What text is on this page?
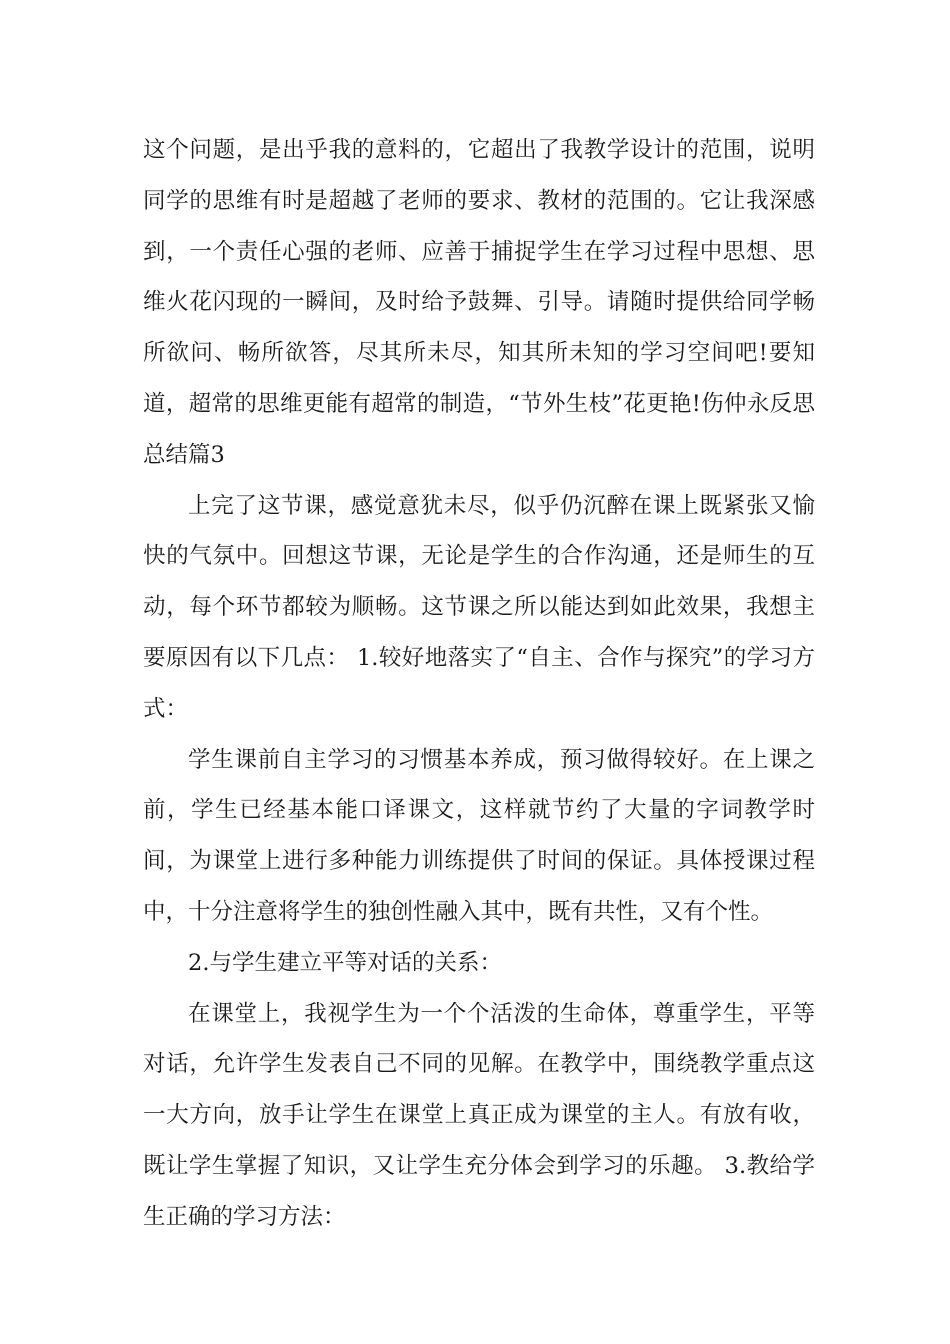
这个问题，是出乎我的意料的，它超出了我教学设计的范围，说明同学的思维有时是超越了老师的要求、教材的范围的。它让我深感到，一个责任心强的老师、应善于捕捉学生在学习过程中思想、思维火花闪现的一瞬间，及时给予鼓舞、引导。请随时提供给同学畅所欲问、畅所欲答，尽其所未尽，知其所未知的学习空间吧!要知道，超常的思维更能有超常的制造，“节外生枝”花更艳!伤仲永反思总结篇3

上完了这节课，感觉意犹未尽，似乎仍沉醉在课上既紧张又愉快的气氛中。回想这节课，无论是学生的合作沟通，还是师生的互动，每个环节都较为顺畅。这节课之所以能达到如此效果，我想主要原因有以下几点： 1.较好地落实了“自主、合作与探究”的学习方式：

学生课前自主学习的习惯基本养成，预习做得较好。在上课之前，学生已经基本能口译课文，这样就节约了大量的字词教学时间，为课堂上进行多种能力训练提供了时间的保证。具体授课过程中，十分注意将学生的独创性融入其中，既有共性，又有个性。

2.与学生建立平等对话的关系：

在课堂上，我视学生为一个个活泼的生命体，尊重学生，平等对话，允许学生发表自己不同的见解。在教学中，围绕教学重点这一大方向，放手让学生在课堂上真正成为课堂的主人。有放有收，既让学生掌握了知识，又让学生充分体会到学习的乐趣。 3.教给学生正确的学习方法：
